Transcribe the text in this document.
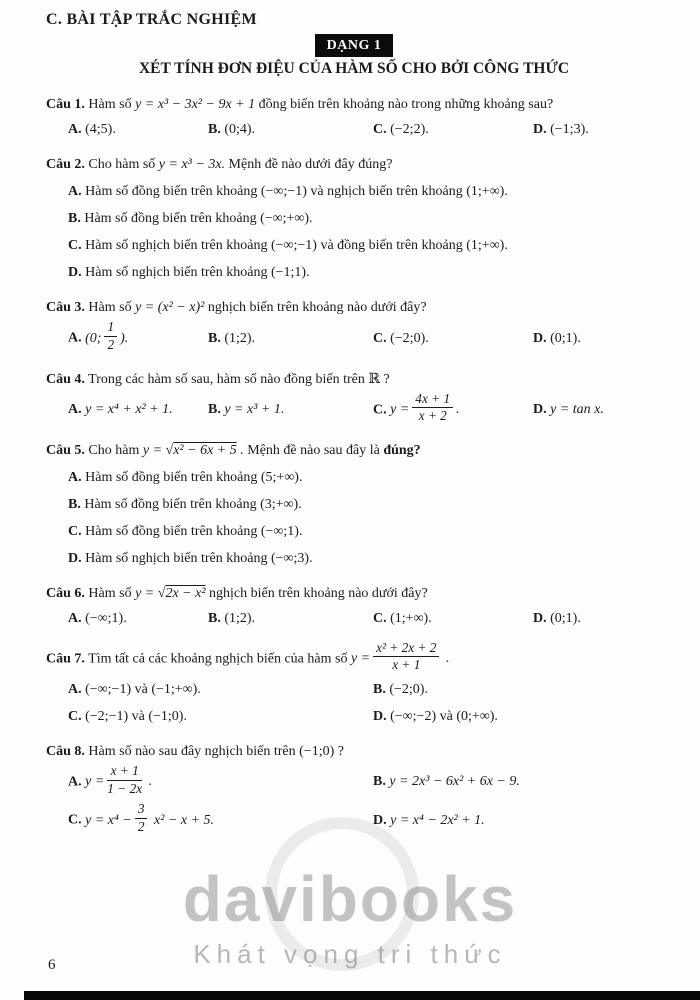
C. BÀI TẬP TRẮC NGHIỆM
DẠNG 1
XÉT TÍNH ĐƠN ĐIỆU CỦA HÀM SỐ CHO BỞI CÔNG THỨC
Câu 1. Hàm số y = x³ − 3x² − 9x + 1 đồng biến trên khoảng nào trong những khoảng sau?
A. (4;5).	B. (0;4).	C. (−2;2).	D. (−1;3).
Câu 2. Cho hàm số y = x³ − 3x. Mệnh đề nào dưới đây đúng?
A. Hàm số đồng biến trên khoảng (−∞;−1) và nghịch biến trên khoảng (1;+∞).
B. Hàm số đồng biến trên khoảng (−∞;+∞).
C. Hàm số nghịch biến trên khoảng (−∞;−1) và đồng biến trên khoảng (1;+∞).
D. Hàm số nghịch biến trên khoảng (−1;1).
Câu 3. Hàm số y = (x² − x)² nghịch biến trên khoảng nào dưới đây?
A. (0; $\frac{1}{2}$ ).	B. (1;2).	C. (−2;0).	D. (0;1).
Câu 4. Trong các hàm số sau, hàm số nào đồng biến trên ℝ ?
A. y = x⁴ + x² + 1.	B. y = x³ + 1.	C. $y = \frac{4x + 1}{x + 2}$ .	D. y = tan x.
Câu 5. Cho hàm y = √x² − 6x + 5 . Mệnh đề nào sau đây là đúng?
A. Hàm số đồng biến trên khoảng (5;+∞).
B. Hàm số đồng biến trên khoảng (3;+∞).
C. Hàm số đồng biến trên khoảng (−∞;1).
D. Hàm số nghịch biến trên khoảng (−∞;3).
Câu 6. Hàm số y = √2x − x² nghịch biến trên khoảng nào dưới đây?
A. (−∞;1).	B. (1;2).	C. (1;+∞).	D. (0;1).
Câu 7. Tìm tất cả các khoảng nghịch biến của hàm số $y = \frac{\text{x² + 2x + 2}}{x + 1}$ .
A. (−∞;−1) và (−1;+∞).	B. (−2;0).
C. (−2;−1) và (−1;0).	D. (−∞;−2) và (0;+∞).
Câu 8. Hàm số nào sau đây nghịch biến trên (−1;0) ?
A. $y = \frac{x + 1}{1 - 2x}$ .	B. y = 2x³ − 6x² + 6x − 9.
C. $y = x^4 - \frac{3}{2} x^2 - x + 5$.	D. y = x⁴ − 2x² + 1.
davibooks
Khát vọng tri thức
6
